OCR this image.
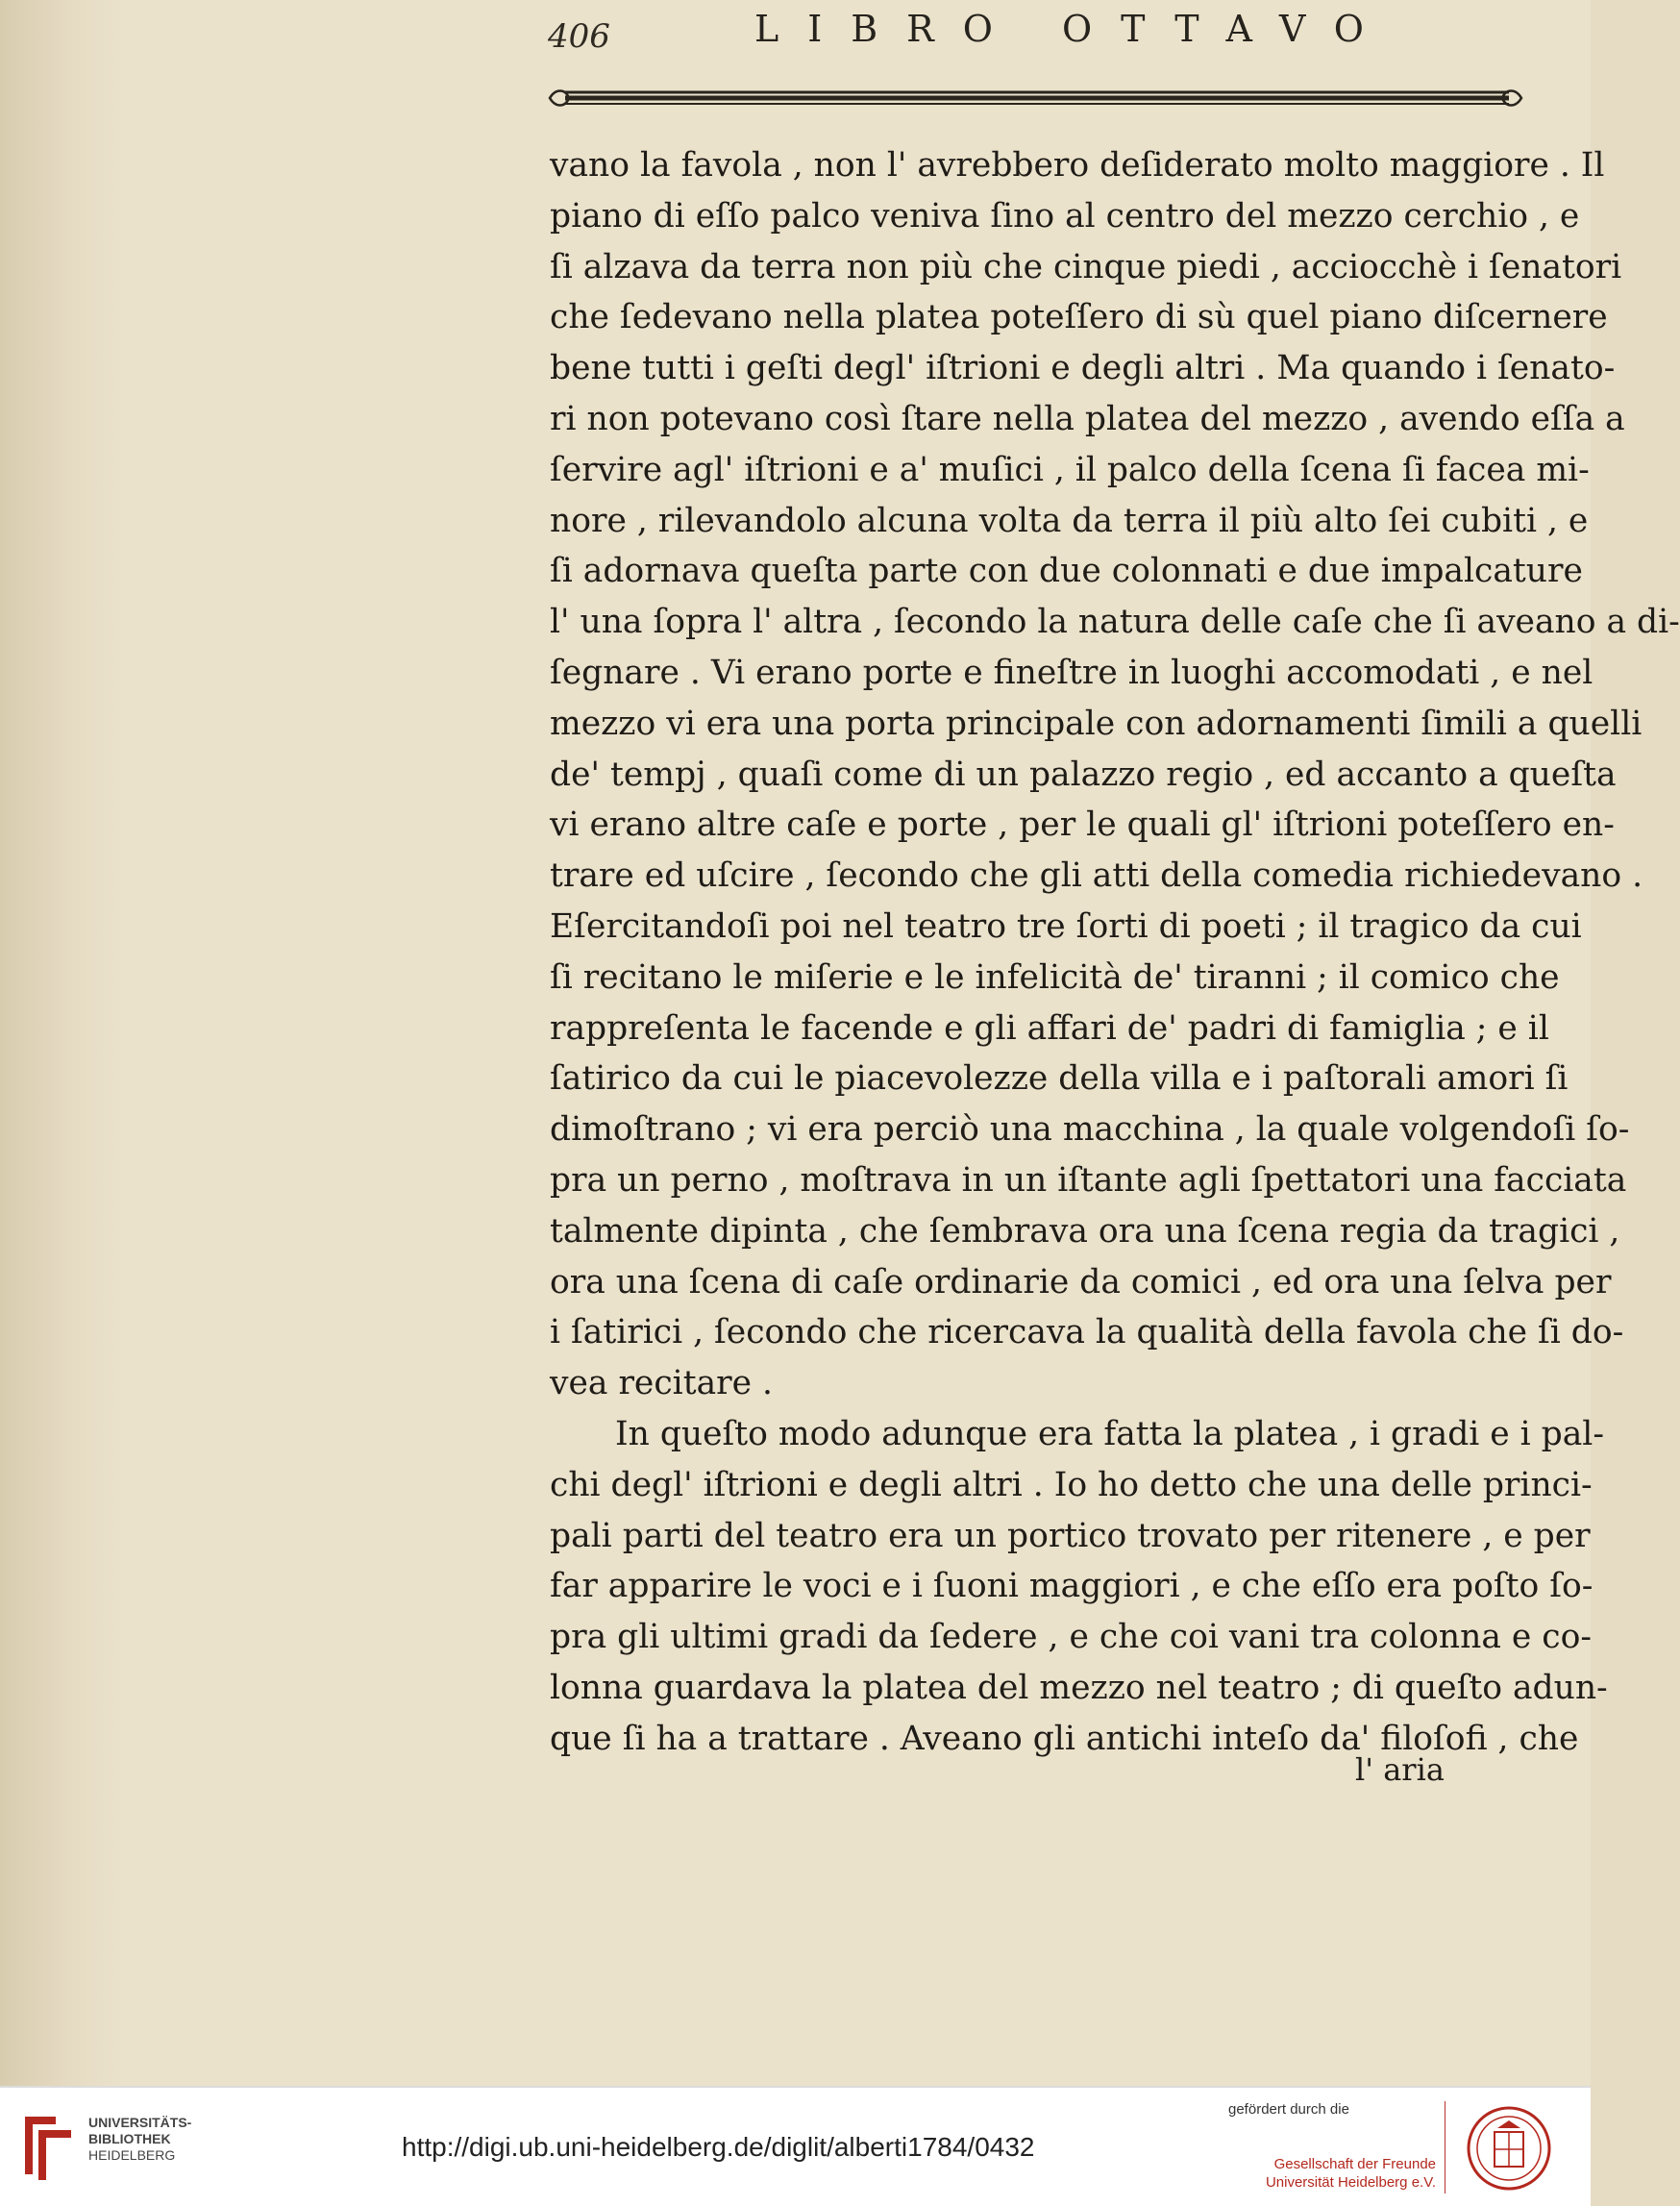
406	LIBRO OTTAVO
vano la favola , non l' avrebbero deſiderato molto maggiore . Il
piano di eſſo palco veniva ſino al centro del mezzo cerchio , e
ſi alzava da terra non più che cinque piedi , acciocchè i ſenatori
che ſedevano nella platea poteſſero di sù quel piano diſcernere
bene tutti i geſti degl' iſtrioni e degli altri . Ma quando i ſenato-
ri non potevano così ſtare nella platea del mezzo , avendo eſſa a
ſervire agl' iſtrioni e a' muſici , il palco della ſcena ſi facea mi-
nore , rilevandolo alcuna volta da terra il più alto ſei cubiti , e
ſi adornava queſta parte con due colonnati e due impalcature
l' una ſopra l' altra , ſecondo la natura delle caſe che ſi aveano a di-
ſegnare . Vi erano porte e fineſtre in luoghi accomodati , e nel
mezzo vi era una porta principale con adornamenti ſimili a quelli
de' tempj , quaſi come di un palazzo regio , ed accanto a queſta
vi erano altre caſe e porte , per le quali gl' iſtrioni poteſſero en-
trare ed uſcire , ſecondo che gli atti della comedia richiedevano .
Eſercitandoſi poi nel teatro tre ſorti di poeti ; il tragico da cui
ſi recitano le miſerie e le infelicità de' tiranni ; il comico che
rappreſenta le facende e gli affari de' padri di famiglia ; e il
ſatirico da cui le piacevolezze della villa e i paſtorali amori ſi
dimoſtrano ; vi era perciò una macchina , la quale volgendoſi ſo-
pra un perno , moſtrava in un iſtante agli ſpettatori una facciata
talmente dipinta , che ſembrava ora una ſcena regia da tragici ,
ora una ſcena di caſe ordinarie da comici , ed ora una ſelva per
i ſatirici , ſecondo che ricercava la qualità della favola che ſi do-
vea recitare .
In queſto modo adunque era fatta la platea , i gradi e i pal-
chi degl' iſtrioni e degli altri . Io ho detto che una delle princi-
pali parti del teatro era un portico trovato per ritenere , e per
far apparire le voci e i ſuoni maggiori , e che eſſo era poſto ſo-
pra gli ultimi gradi da ſedere , e che coi vani tra colonna e co-
lonna guardava la platea del mezzo nel teatro ; di queſto adun-
que ſi ha a trattare . Aveano gli antichi inteſo da' filoſofi , che
l' aria
UNIVERSITÄTS-
BIBLIOTHEK
HEIDELBERG	http://digi.ub.uni-heidelberg.de/diglit/alberti1784/0432
gefördert durch die
Gesellschaft der Freunde
Universität Heidelberg e.V.
